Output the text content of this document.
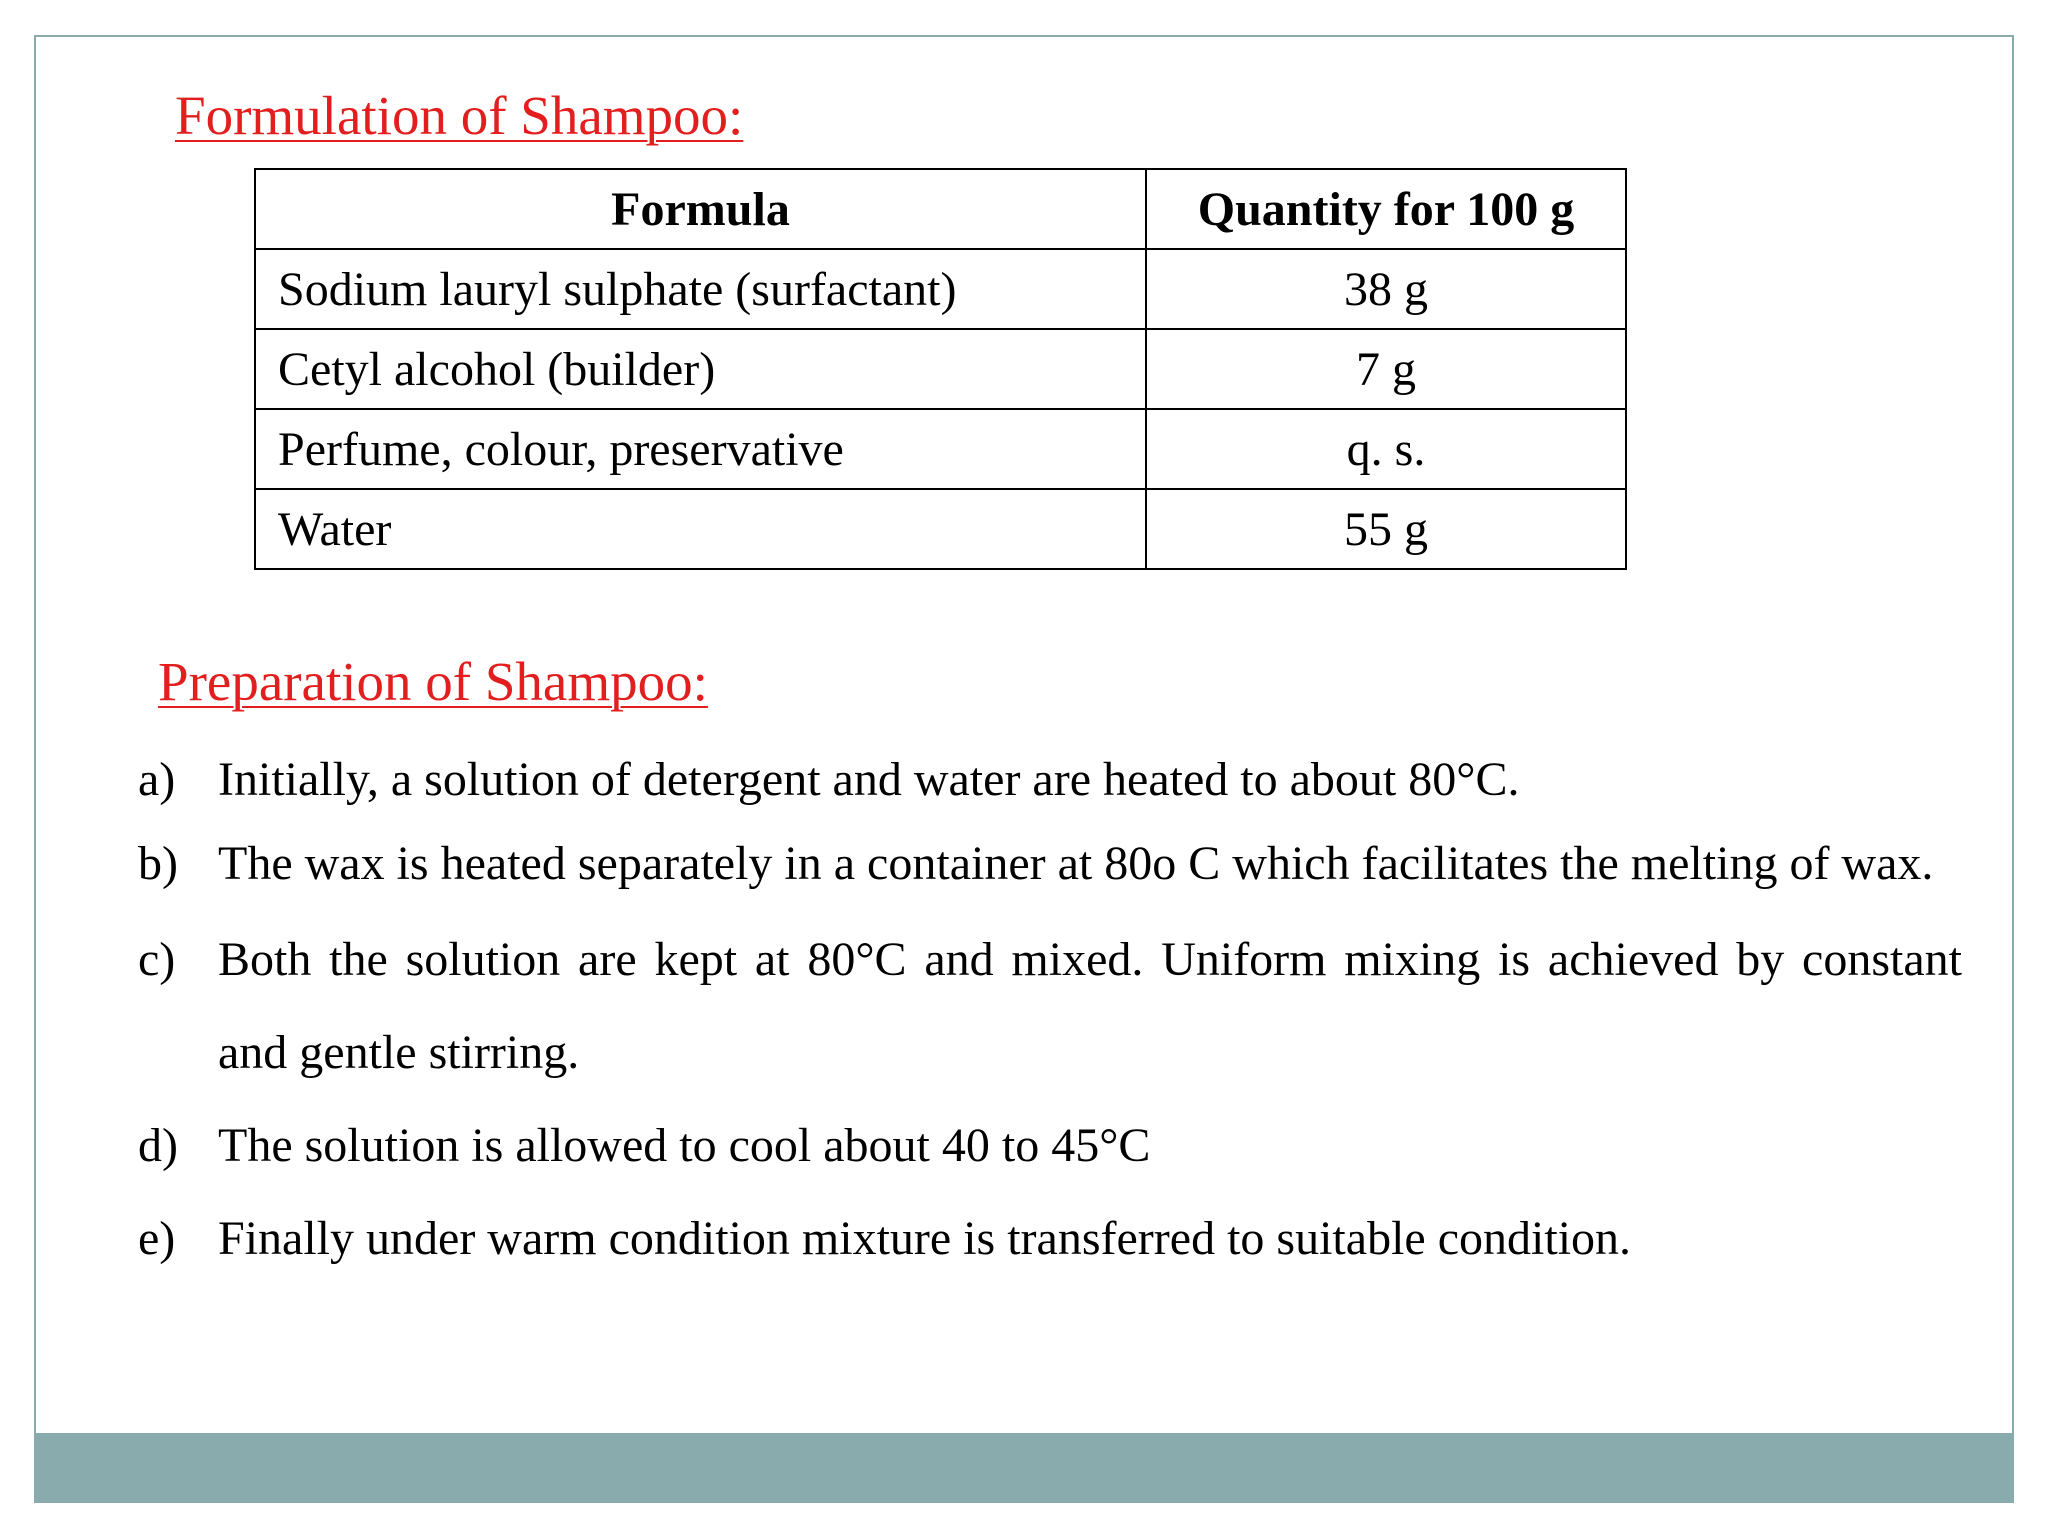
Formulation of Shampoo:
Formula	Quantity for 100 g
Sodium lauryl sulphate (surfactant)	38 g
Cetyl alcohol (builder)	7 g
Perfume, colour, preservative	q. s.
Water	55 g
Preparation of Shampoo:
a) Initially, a solution of detergent and water are heated to about 80°C.
b) The wax is heated separately in a container at 80o C which facilitates the melting of wax.
c) Both the solution are kept at 80°C and mixed. Uniform mixing is achieved by constant and gentle stirring.
d) The solution is allowed to cool about 40 to 45°C
e) Finally under warm condition mixture is transferred to suitable condition.
